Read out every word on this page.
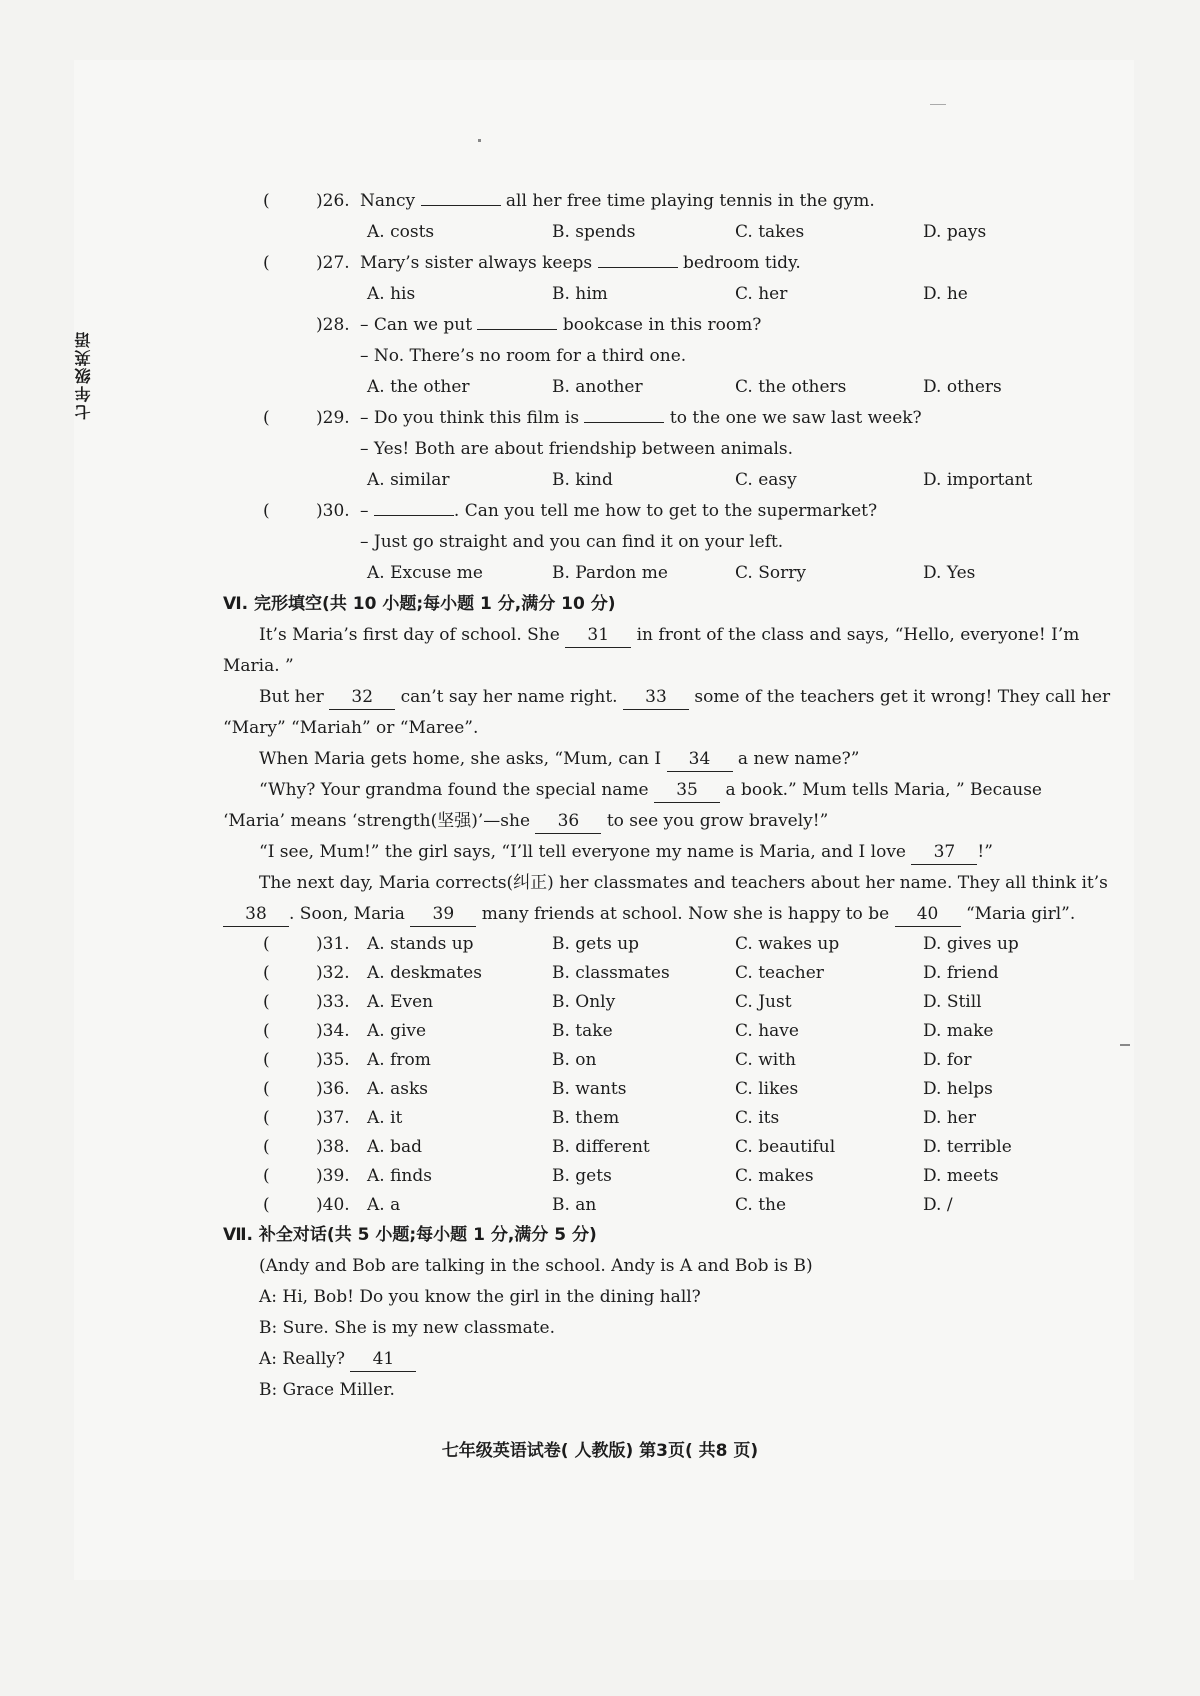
七年级英语
(	)26. Nancy	all her free time playing tennis in the gym.
A. costs	B. spends	C. takes	D. pays
(	)27. Mary’s sister always keeps	bedroom tidy.
A. his	B. him	C. her	D. he
)28. – Can we put	bookcase in this room?
– No. There’s no room for a third one.
A. the other	B. another	C. the others	D. others
(	)29. – Do you think this film is	to the one we saw last week?
– Yes! Both are about friendship between animals.
A. similar	B. kind	C. easy	D. important
(	)30. –	. Can you tell me how to get to the supermarket?
– Just go straight and you can find it on your left.
A. Excuse me	B. Pardon me	C. Sorry	D. Yes
Ⅵ. 完形填空(共 10 小题;每小题 1 分,满分 10 分)
It’s Maria’s first day of school. She 31 in front of the class and says, “Hello, everyone! I’m
Maria. ”
But her 32 can’t say her name right. 33 some of the teachers get it wrong! They call her
“Mary” “Mariah” or “Maree”.
When Maria gets home, she asks, “Mum, can I 34 a new name?”
“Why? Your grandma found the special name 35 a book.” Mum tells Maria, ” Because
‘Maria’ means ‘strength(坚强)’—she 36 to see you grow bravely!”
“I see, Mum!” the girl says, “I’ll tell everyone my name is Maria, and I love 37 !”
The next day, Maria corrects(纠正) her classmates and teachers about her name. They all think it’s
38 . Soon, Maria 39 many friends at school. Now she is happy to be 40 “Maria girl”.
(	)31. A. stands up	B. gets up	C. wakes up	D. gives up
(	)32. A. deskmates	B. classmates	C. teacher	D. friend
(	)33. A. Even	B. Only	C. Just	D. Still
(	)34. A. give	B. take	C. have	D. make
(	)35. A. from	B. on	C. with	D. for
(	)36. A. asks	B. wants	C. likes	D. helps
(	)37. A. it	B. them	C. its	D. her
(	)38. A. bad	B. different	C. beautiful	D. terrible
(	)39. A. finds	B. gets	C. makes	D. meets
(	)40. A. a	B. an	C. the	D. /
Ⅶ. 补全对话(共 5 小题;每小题 1 分,满分 5 分)
(Andy and Bob are talking in the school. Andy is A and Bob is B)
A: Hi, Bob! Do you know the girl in the dining hall?
B: Sure. She is my new classmate.
A: Really? 41
B: Grace Miller.
七年级英语试卷( 人教版) 第3页( 共8 页)
